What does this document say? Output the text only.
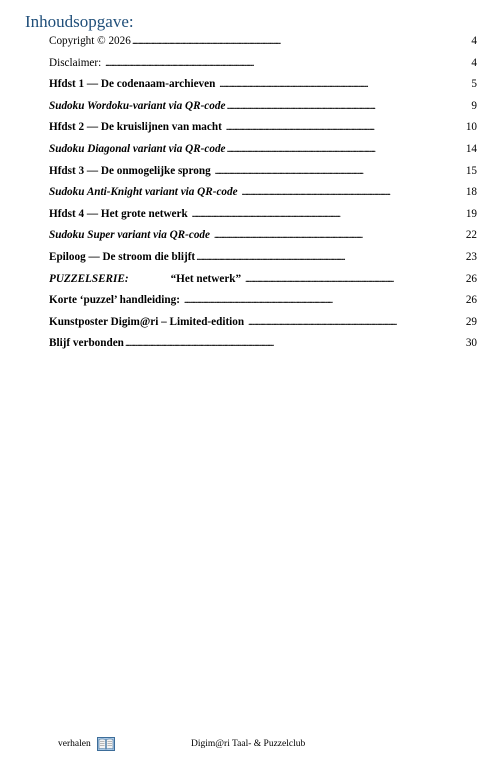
Inhoudsopgave:
Copyright © 2026 . . .	4
Disclaimer: . . .	4
Hfdst 1 — De codenaam-archieven . . .	5
Sudoku Wordoku-variant via QR-code . . .	9
Hfdst 2 — De kruislijnen van macht . . .	10
Sudoku Diagonal variant via QR-code . . .	14
Hfdst 3 — De onmogelijke sprong . . .	15
Sudoku Anti-Knight variant via QR-code . . .	18
Hfdst 4 — Het grote netwerk . . .	19
Sudoku Super variant via QR-code . . .	22
Epiloog — De stroom die blijft . . .	23
PUZZELSERIE:	“Het netwerk” . . .	26
Korte ‘puzzel’ handleiding: . . .	26
Kunstposter Digim@ri – Limited-edition . . .	29
Blijf verbonden . . .	30
verhalen	Digim@ri Taal- & Puzzelclub
